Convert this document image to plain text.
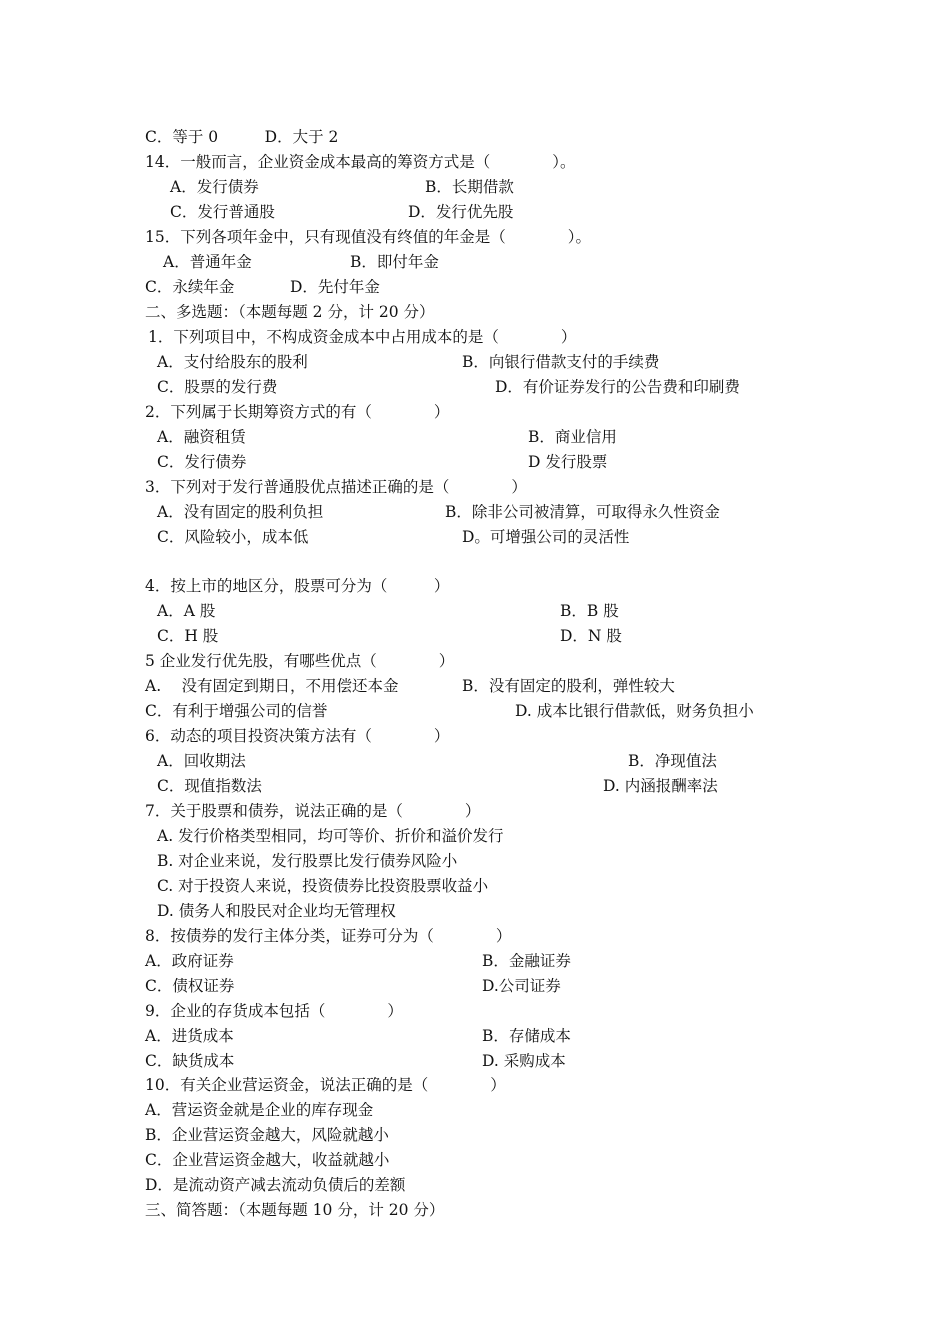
C．等于 0　　　D．大于 2
14．一般而言，企业资金成本最高的筹资方式是（　　　　）。
A．发行债券	B．长期借款
C．发行普通股	D．发行优先股
15．下列各项年金中，只有现值没有终值的年金是（　　　　）。
A．普通年金	B．即付年金
C．永续年金	D．先付年金
二、多选题：（本题每题 2 分，计 20 分）
1．下列项目中，不构成资金成本中占用成本的是（　　　　）
A．支付给股东的股利	B．向银行借款支付的手续费
C．股票的发行费	D．有价证券发行的公告费和印刷费
2．下列属于长期筹资方式的有（　　　　）
A．融资租赁	B．商业信用
C．发行债券	D 发行股票
3．下列对于发行普通股优点描述正确的是（　　　　）
A．没有固定的股利负担	B．除非公司被清算，可取得永久性资金
C．风险较小，成本低	D。可增强公司的灵活性
4．按上市的地区分，股票可分为（　　　）
A．A 股	B．B 股
C．H 股	D．N 股
5 企业发行优先股，有哪些优点（　　　　）
A.　 没有固定到期日，不用偿还本金	B．没有固定的股利，弹性较大
C．有利于增强公司的信誉	D. 成本比银行借款低，财务负担小
6．动态的项目投资决策方法有（　　　　）
A．回收期法	B．净现值法
C．现值指数法	D. 内涵报酬率法
7．关于股票和债券，说法正确的是（　　　　）
A. 发行价格类型相同，均可等价、折价和溢价发行
B. 对企业来说，发行股票比发行债券风险小
C. 对于投资人来说，投资债券比投资股票收益小
D. 债务人和股民对企业均无管理权
8．按债券的发行主体分类，证券可分为（　　　　）
A．政府证券	B．金融证券
C．债权证券	D.公司证券
9．企业的存货成本包括（　　　　）
A．进货成本	B．存储成本
C．缺货成本	D. 采购成本
10．有关企业营运资金，说法正确的是（　　　　）
A．营运资金就是企业的库存现金
B．企业营运资金越大，风险就越小
C．企业营运资金越大，收益就越小
D．是流动资产减去流动负债后的差额
三、简答题：（本题每题 10 分，计 20 分）
